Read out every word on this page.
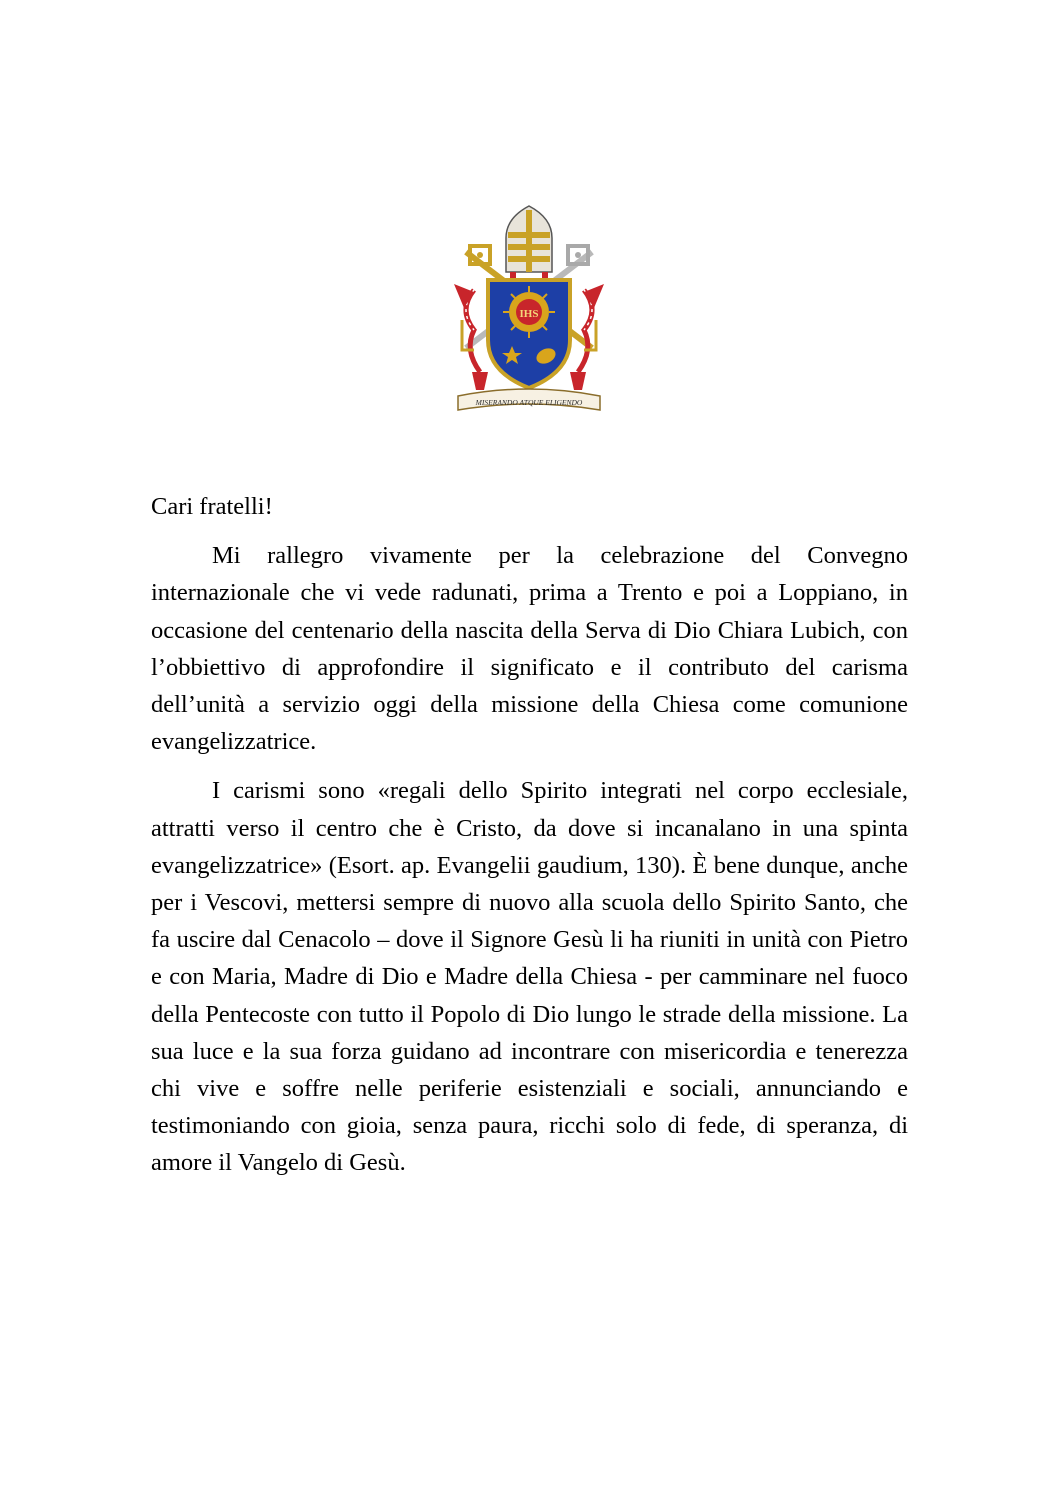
IHS
MISERANDO ATQUE ELIGENDO

Cari fratelli!

Mi rallegro vivamente per la celebrazione del Convegno internazionale che vi vede radunati, prima a Trento e poi a Loppiano, in occasione del centenario della nascita della Serva di Dio Chiara Lubich, con l’obbiettivo di approfondire il significato e il contributo del carisma dell’unità a servizio oggi della missione della Chiesa come comunione evangelizzatrice.

I carismi sono «regali dello Spirito integrati nel corpo ecclesiale, attratti verso il centro che è Cristo, da dove si incanalano in una spinta evangelizzatrice» (Esort. ap. Evangelii gaudium, 130). È bene dunque, anche per i Vescovi, mettersi sempre di nuovo alla scuola dello Spirito Santo, che fa uscire dal Cenacolo – dove il Signore Gesù li ha riuniti in unità con Pietro e con Maria, Madre di Dio e Madre della Chiesa - per camminare nel fuoco della Pentecoste con tutto il Popolo di Dio lungo le strade della missione. La sua luce e la sua forza guidano ad incontrare con misericordia e tenerezza chi vive e soffre nelle periferie esistenziali e sociali, annunciando e testimoniando con gioia, senza paura, ricchi solo di fede, di speranza, di amore il Vangelo di Gesù.
